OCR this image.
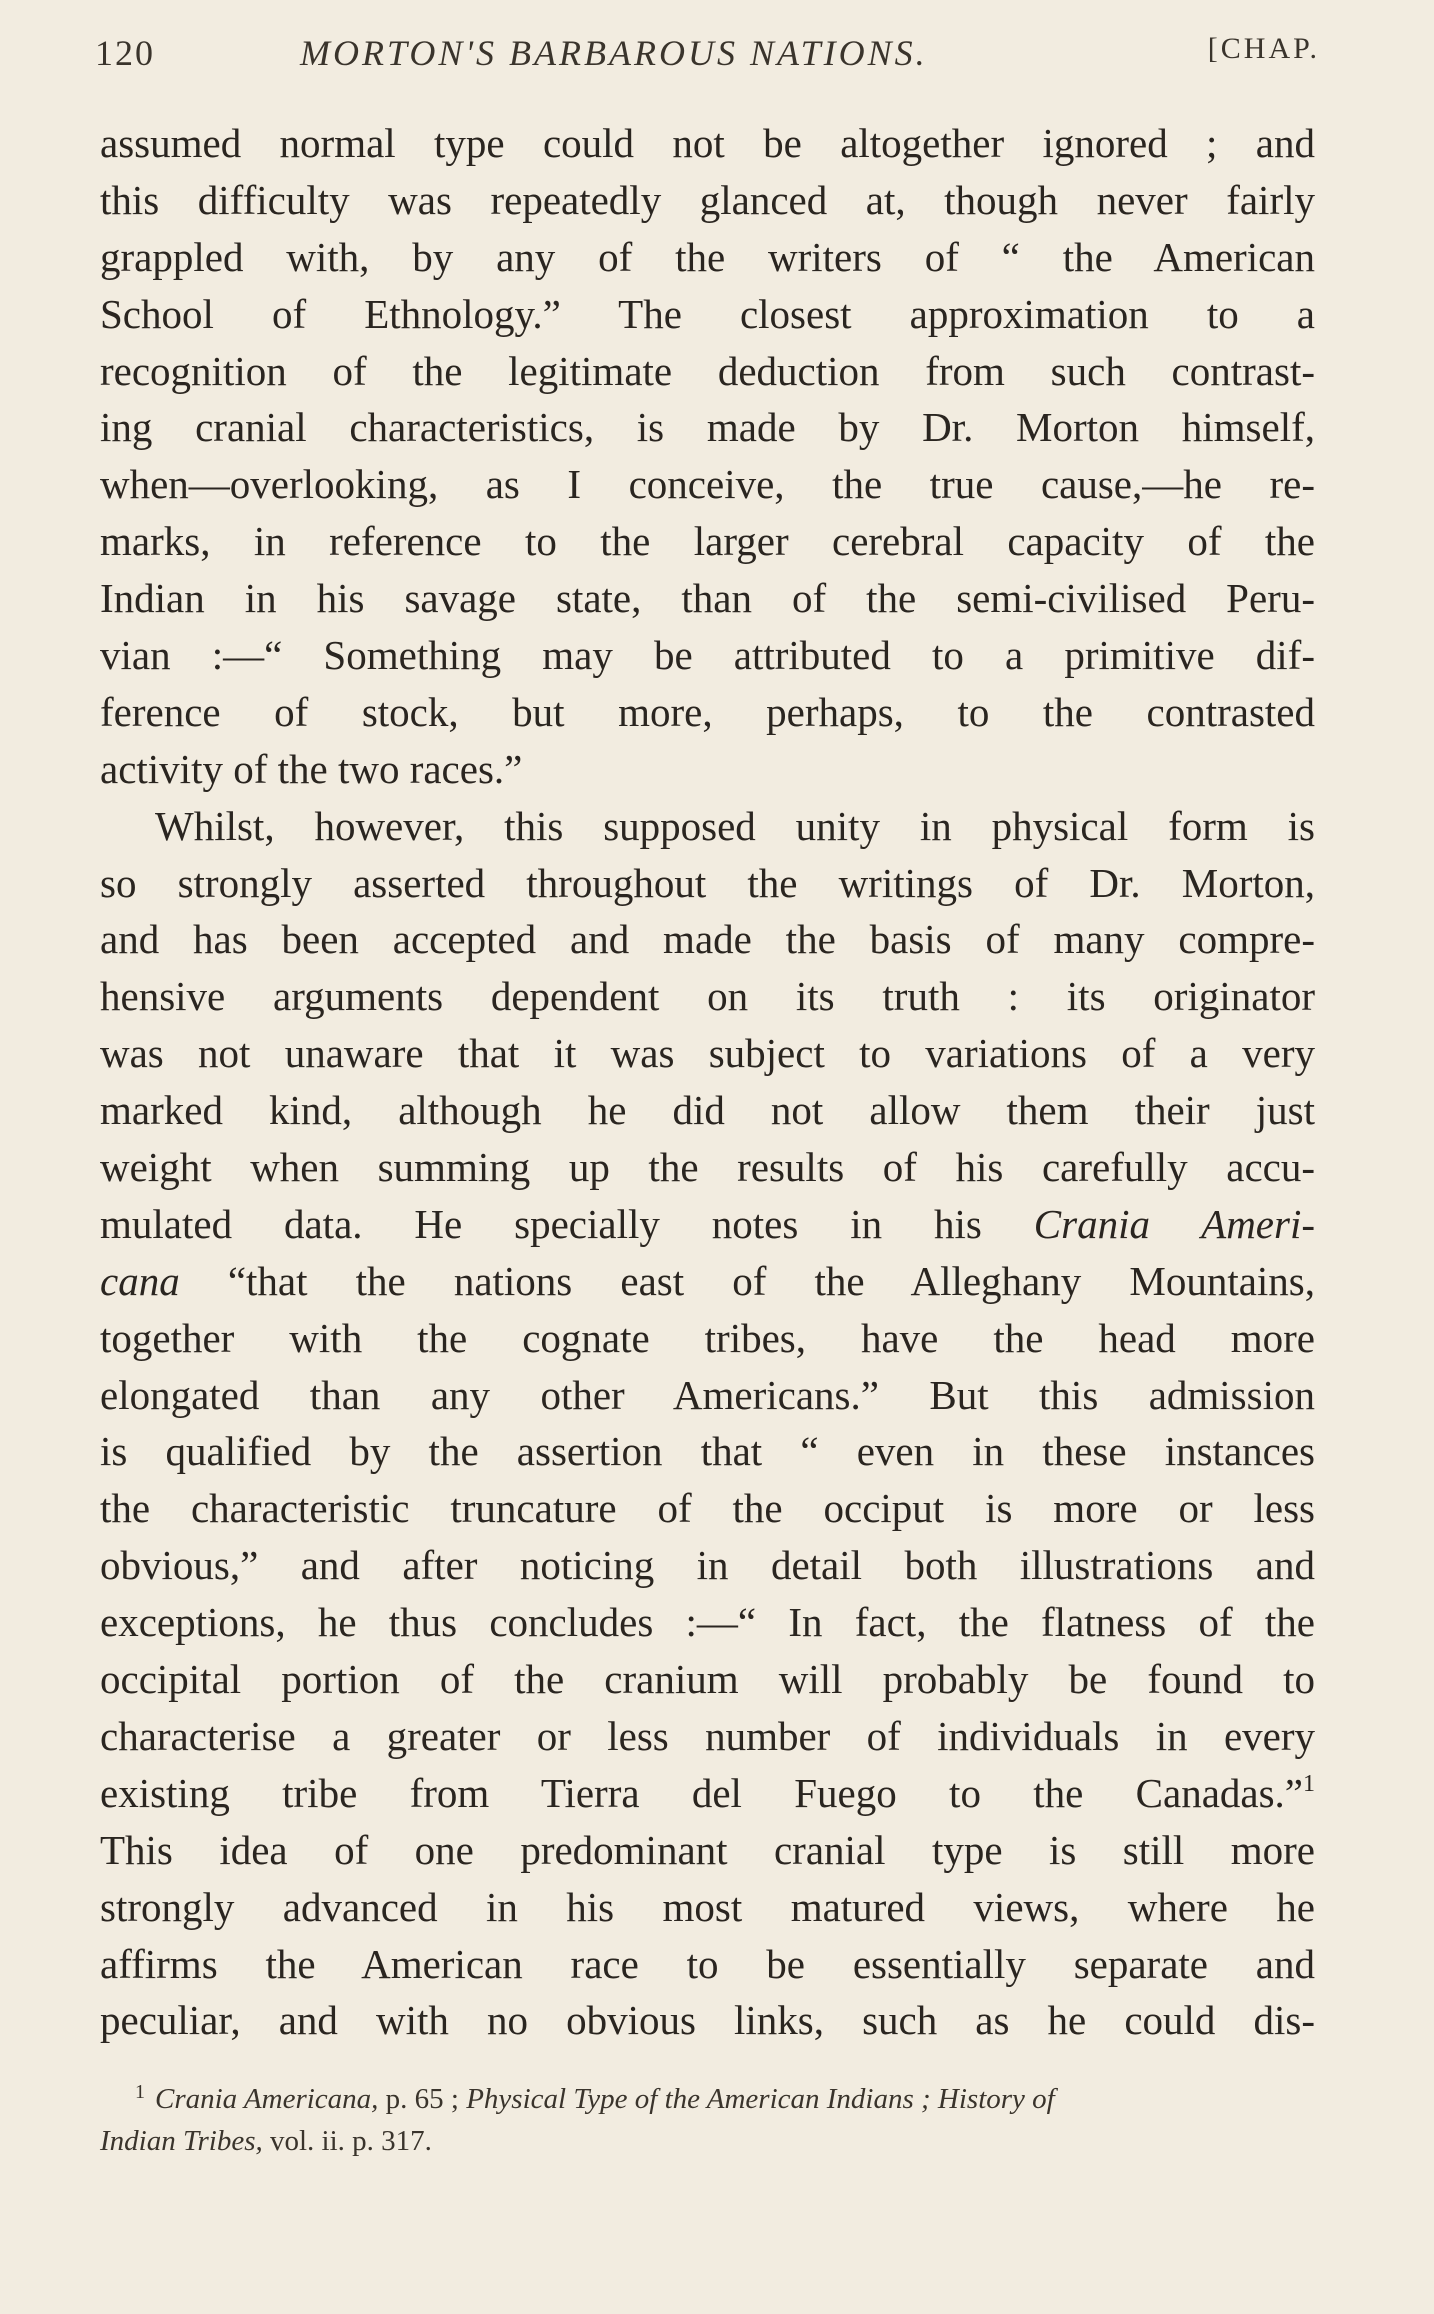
120	MORTON'S BARBAROUS NATIONS.	[CHAP.
assumed normal type could not be altogether ignored ; and
this difficulty was repeatedly glanced at, though never fairly
grappled with, by any of the writers of “ the American
School of Ethnology.” The closest approximation to a
recognition of the legitimate deduction from such contrast-
ing cranial characteristics, is made by Dr. Morton himself,
when—overlooking, as I conceive, the true cause,—he re-
marks, in reference to the larger cerebral capacity of the
Indian in his savage state, than of the semi-civilised Peru-
vian :—“ Something may be attributed to a primitive dif-
ference of stock, but more, perhaps, to the contrasted
activity of the two races.”
Whilst, however, this supposed unity in physical form is
so strongly asserted throughout the writings of Dr. Morton,
and has been accepted and made the basis of many compre-
hensive arguments dependent on its truth : its originator
was not unaware that it was subject to variations of a very
marked kind, although he did not allow them their just
weight when summing up the results of his carefully accu-
mulated data. He specially notes in his Crania Ameri-
cana “that the nations east of the Alleghany Mountains,
together with the cognate tribes, have the head more
elongated than any other Americans.” But this admission
is qualified by the assertion that “ even in these instances
the characteristic truncature of the occiput is more or less
obvious,” and after noticing in detail both illustrations and
exceptions, he thus concludes :—“ In fact, the flatness of the
occipital portion of the cranium will probably be found to
characterise a greater or less number of individuals in every
existing tribe from Tierra del Fuego to the Canadas.”$^1$
This idea of one predominant cranial type is still more
strongly advanced in his most matured views, where he
affirms the American race to be essentially separate and
peculiar, and with no obvious links, such as he could dis-
$^1$ Crania Americana, p. 65 ; Physical Type of the American Indians ; History of
Indian Tribes, vol. ii. p. 317.
